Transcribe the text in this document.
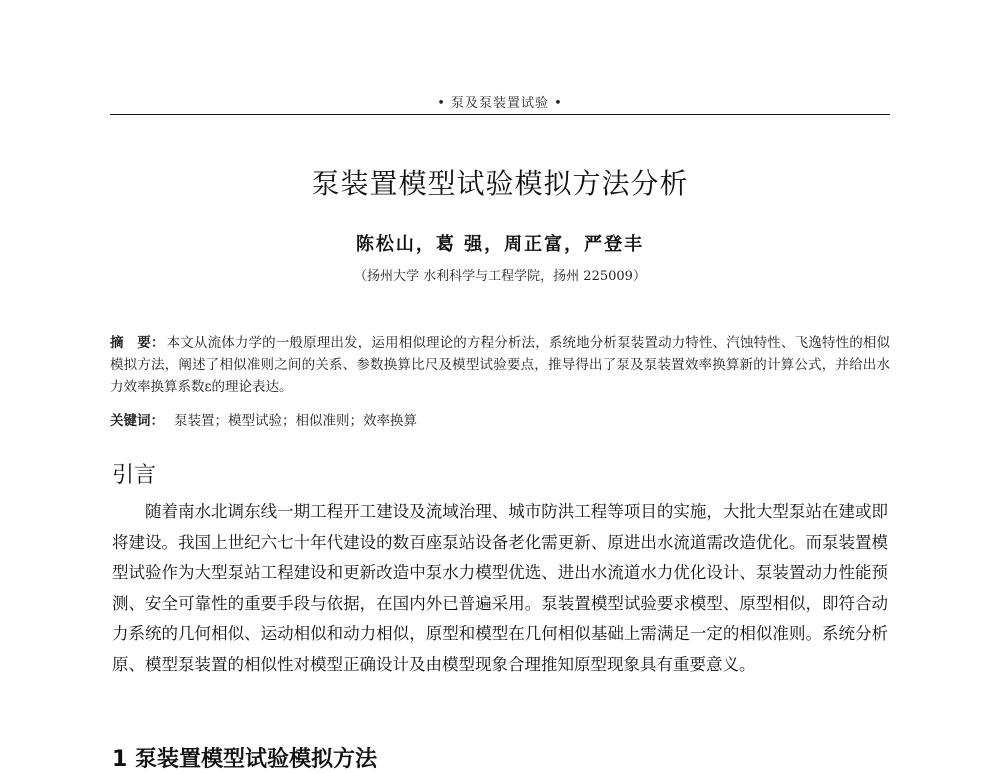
• 泵及泵装置试验 •
泵装置模型试验模拟方法分析
陈松山，葛 强，周正富，严登丰
（扬州大学 水利科学与工程学院，扬州 225009）
摘　要： 本文从流体力学的一般原理出发，运用相似理论的方程分析法，系统地分析泵装置动力特性、汽蚀特性、飞逸特性的相似模拟方法，阐述了相似准则之间的关系、参数换算比尺及模型试验要点，推导得出了泵及泵装置效率换算新的计算公式，并给出水力效率换算系数ε的理论表达。
关键词： 泵装置；模型试验；相似准则；效率换算
引言
随着南水北调东线一期工程开工建设及流域治理、城市防洪工程等项目的实施，大批大型泵站在建或即将建设。我国上世纪六七十年代建设的数百座泵站设备老化需更新、原进出水流道需改造优化。而泵装置模型试验作为大型泵站工程建设和更新改造中泵水力模型优选、进出水流道水力优化设计、泵装置动力性能预测、安全可靠性的重要手段与依据，在国内外已普遍采用。泵装置模型试验要求模型、原型相似，即符合动力系统的几何相似、运动相似和动力相似，原型和模型在几何相似基础上需满足一定的相似准则。系统分析原、模型泵装置的相似性对模型正确设计及由模型现象合理推知原型现象具有重要意义。
1 泵装置模型试验模拟方法
